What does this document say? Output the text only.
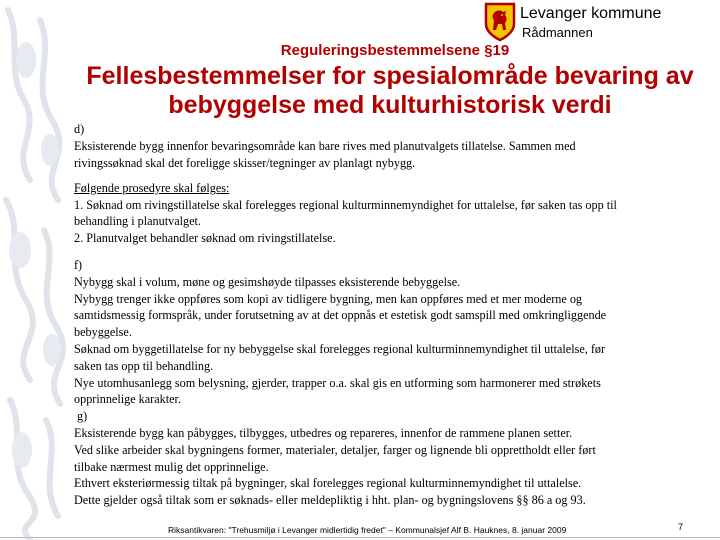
Levanger kommune
Rådmannen
Reguleringsbestemmelsene §19
Fellesbestemmelser for spesialområde bevaring av
bebyggelse med kulturhistorisk verdi

d)

Eksisterende bygg innenfor bevaringsområde kan bare rives med planutvalgets tillatelse. Sammen med

rivingssøknad skal det foreligge skisser/tegninger av planlagt nybygg.

Følgende prosedyre skal følges:

1. Søknad om rivingstillatelse skal forelegges regional kulturminnemyndighet for uttalelse, før saken tas opp til

behandling i planutvalget.

2. Planutvalget behandler søknad om rivingstillatelse.

f)

Nybygg skal i volum, møne og gesimshøyde tilpasses eksisterende bebyggelse.

Nybygg trenger ikke oppføres som kopi av tidligere bygning, men kan oppføres med et mer moderne og

samtidsmessig formspråk, under forutsetning av at det oppnås et estetisk godt samspill med omkringliggende

bebyggelse.

Søknad om byggetillatelse for ny bebyggelse skal forelegges regional kulturminnemyndighet til uttalelse, før

saken tas opp til behandling.

Nye utomhusanlegg som belysning, gjerder, trapper o.a. skal gis en utforming som harmonerer med strøkets

opprinnelige karakter.

g)

Eksisterende bygg kan påbygges, tilbygges, utbedres og repareres, innenfor de rammene planen setter.

Ved slike arbeider skal bygningens former, materialer, detaljer, farger og lignende bli opprettholdt eller ført

tilbake nærmest mulig det opprinnelige.

Ethvert eksteriørmessig tiltak på bygninger, skal forelegges regional kulturminnemyndighet til uttalelse.

Dette gjelder også tiltak som er søknads- eller meldepliktig i hht. plan- og bygningslovens §§ 86 a og 93.

Riksantikvaren: "Trehusmiljø i Levanger midlertidig fredet" – Kommunalsjef Alf B. Hauknes, 8. januar 2009	7
